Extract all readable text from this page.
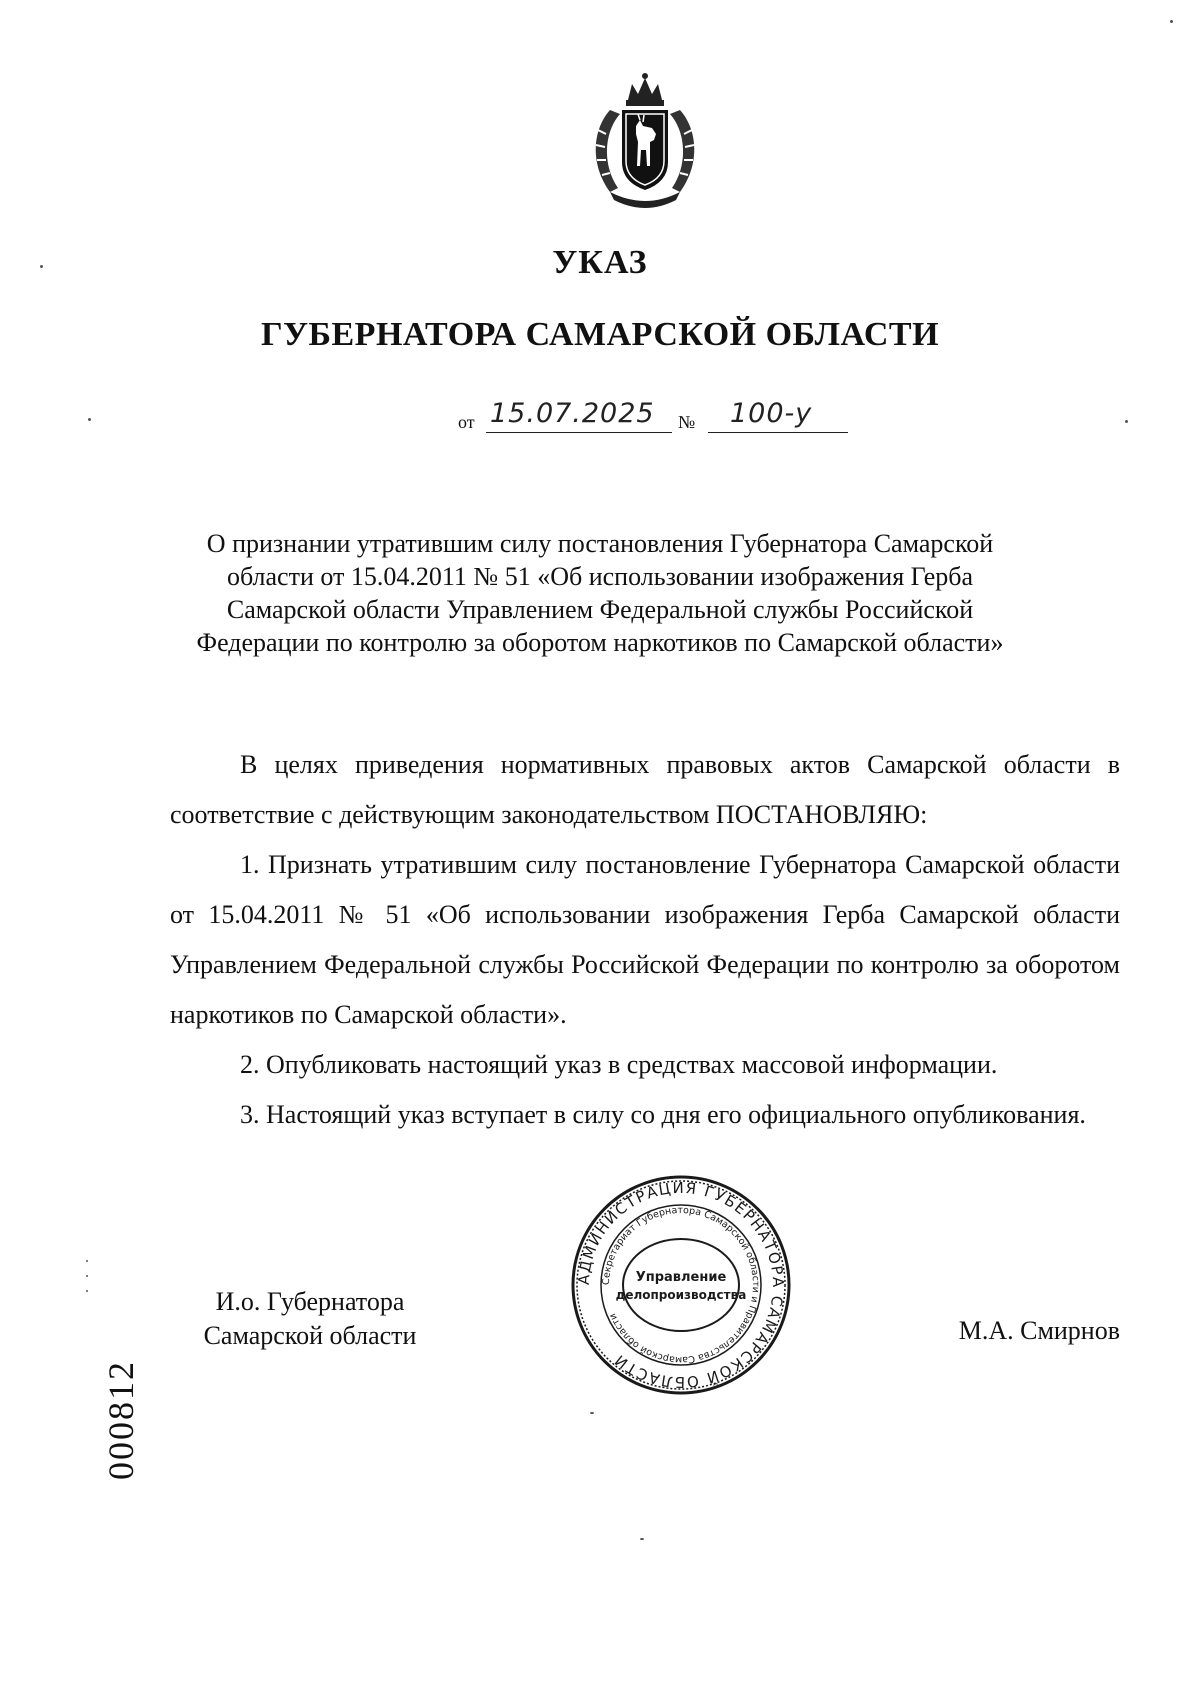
УКАЗ
ГУБЕРНАТОРА САМАРСКОЙ ОБЛАСТИ
от 15.07.2025 № 100-у
О признании утратившим силу постановления Губернатора Самарской области от 15.04.2011 № 51 «Об использовании изображения Герба Самарской области Управлением Федеральной службы Российской Федерации по контролю за оборотом наркотиков по Самарской области»
В целях приведения нормативных правовых актов Самарской области в соответствие с действующим законодательством ПОСТАНОВЛЯЮ:
1. Признать утратившим силу постановление Губернатора Самарской области от 15.04.2011 № 51 «Об использовании изображения Герба Самарской области Управлением Федеральной службы Российской Федерации по контролю за оборотом наркотиков по Самарской области».
2. Опубликовать настоящий указ в средствах массовой информации.
3. Настоящий указ вступает в силу со дня его официального опубликования.
И.о. Губернатора
Самарской области
АДМИНИСТРАЦИЯ ГУБЕРНАТОРА САМАРСКОЙ ОБЛАСТИ
Секретариат Губернатора Самарской области и Правительства Самарской области
Управление
делопроизводства
М.А. Смирнов
000812
